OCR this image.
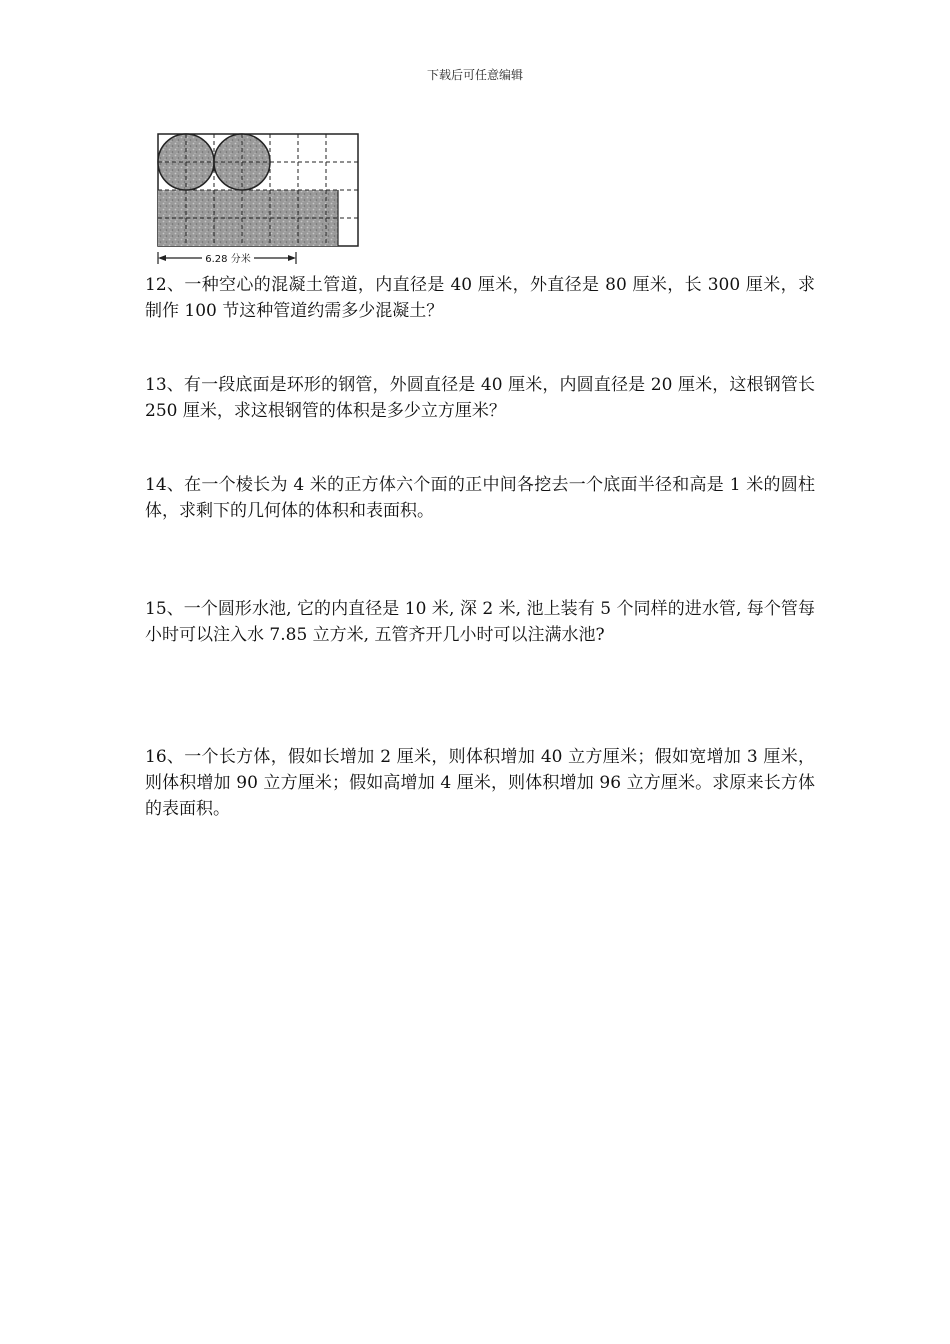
下载后可任意编辑
6.28 分米
12、一种空心的混凝土管道，内直径是 40 厘米，外直径是 80 厘米，长 300 厘米，求制作 100 节这种管道约需多少混凝土？
13、有一段底面是环形的钢管，外圆直径是 40 厘米，内圆直径是 20 厘米，这根钢管长 250 厘米，求这根钢管的体积是多少立方厘米？
14、在一个棱长为 4 米的正方体六个面的正中间各挖去一个底面半径和高是 1 米的圆柱体，求剩下的几何体的体积和表面积。
15、一个圆形水池, 它的内直径是 10 米, 深 2 米, 池上装有 5 个同样的进水管, 每个管每小时可以注入水 7.85 立方米, 五管齐开几小时可以注满水池?
16、一个长方体，假如长增加 2 厘米，则体积增加 40 立方厘米；假如宽增加 3 厘米，则体积增加 90 立方厘米；假如高增加 4 厘米，则体积增加 96 立方厘米。求原来长方体的表面积。
